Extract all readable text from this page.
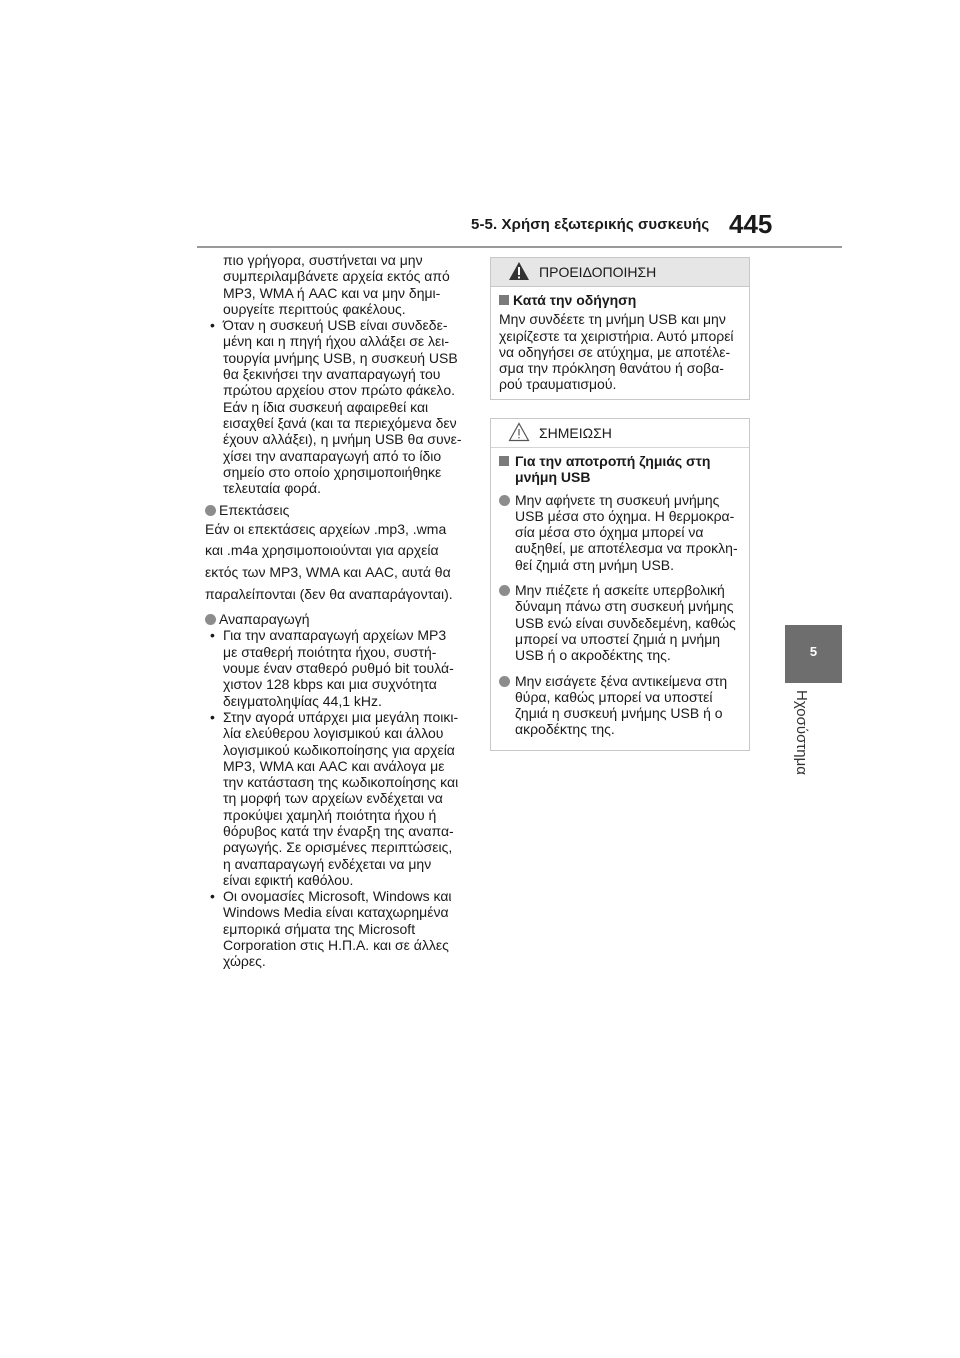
5-5. Χρήση εξωτερικής συσκευής 445
5
Ηχοσύστημα

πιο γρήγορα, συστήνεται να μην

συμπεριλαμβάνετε αρχεία εκτός από

MP3, WMA ή AAC και να μην δημι-

ουργείτε περιττούς φακέλους.

• Όταν η συσκευή USB είναι συνδεδε-

μένη και η πηγή ήχου αλλάξει σε λει-

τουργία μνήμης USB, η συσκευή USB

θα ξεκινήσει την αναπαραγωγή του

πρώτου αρχείου στον πρώτο φάκελο.

Εάν η ίδια συσκευή αφαιρεθεί και

εισαχθεί ξανά (και τα περιεχόμενα δεν

έχουν αλλάξει), η μνήμη USB θα συνε-

χίσει την αναπαραγωγή από το ίδιο

σημείο στο οποίο χρησιμοποιήθηκε

τελευταία φορά.

Επεκτάσεις

Εάν οι επεκτάσεις αρχείων .mp3, .wma

και .m4a χρησιμοποιούνται για αρχεία

εκτός των MP3, WMA και AAC, αυτά θα

παραλείπονται (δεν θα αναπαράγονται).

Αναπαραγωγή

• Για την αναπαραγωγή αρχείων MP3

με σταθερή ποιότητα ήχου, συστή-

νουμε έναν σταθερό ρυθμό bit τουλά-

χιστον 128 kbps και μια συχνότητα

δειγματοληψίας 44,1 kHz.

• Στην αγορά υπάρχει μια μεγάλη ποικι-

λία ελεύθερου λογισμικού και άλλου

λογισμικού κωδικοποίησης για αρχεία

MP3, WMA και AAC και ανάλογα με

την κατάσταση της κωδικοποίησης και

τη μορφή των αρχείων ενδέχεται να

προκύψει χαμηλή ποιότητα ήχου ή

θόρυβος κατά την έναρξη της αναπα-

ραγωγής. Σε ορισμένες περιπτώσεις,

η αναπαραγωγή ενδέχεται να μην

είναι εφικτή καθόλου.

• Οι ονομασίες Microsoft, Windows και

Windows Media είναι καταχωρημένα

εμπορικά σήματα της Microsoft

Corporation στις Η.Π.Α. και σε άλλες

χώρες.

ΠΡΟΕΙΔΟΠΟΙΗΣΗ

Κατά την οδήγηση

Μην συνδέετε τη μνήμη USB και μην

χειρίζεστε τα χειριστήρια. Αυτό μπορεί

να οδηγήσει σε ατύχημα, με αποτέλε-

σμα την πρόκληση θανάτου ή σοβα-

ρού τραυματισμού.

ΣΗΜΕΙΩΣΗ

Για την αποτροπή ζημιάς στη

μνήμη USB

Μην αφήνετε τη συσκευή μνήμης

USB μέσα στο όχημα. Η θερμοκρα-

σία μέσα στο όχημα μπορεί να

αυξηθεί, με αποτέλεσμα να προκλη-

θεί ζημιά στη μνήμη USB.

Μην πιέζετε ή ασκείτε υπερβολική

δύναμη πάνω στη συσκευή μνήμης

USB ενώ είναι συνδεδεμένη, καθώς

μπορεί να υποστεί ζημιά η μνήμη

USB ή ο ακροδέκτης της.

Μην εισάγετε ξένα αντικείμενα στη

θύρα, καθώς μπορεί να υποστεί

ζημιά η συσκευή μνήμης USB ή ο

ακροδέκτης της.
